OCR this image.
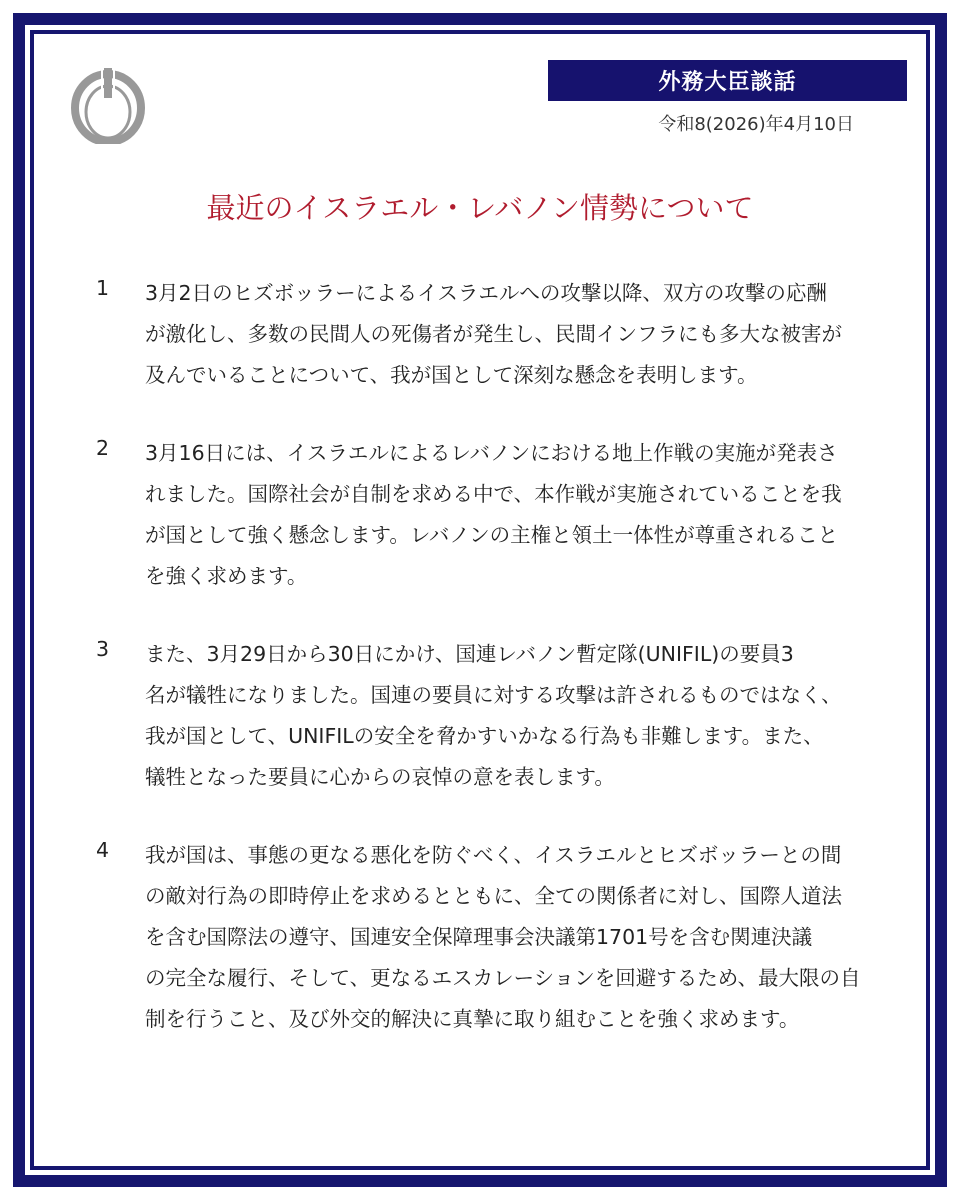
外務大臣談話
令和8(2026)年4月10日
最近のイスラエル・レバノン情勢について
1 3月2日のヒズボッラーによるイスラエルへの攻撃以降、双方の攻撃の応酬
が激化し、多数の民間人の死傷者が発生し、民間インフラにも多大な被害が
及んでいることについて、我が国として深刻な懸念を表明します。
2 3月16日には、イスラエルによるレバノンにおける地上作戦の実施が発表さ
れました。国際社会が自制を求める中で、本作戦が実施されていることを我
が国として強く懸念します。レバノンの主権と領土一体性が尊重されること
を強く求めます。
3 また、3月29日から30日にかけ、国連レバノン暫定隊(UNIFIL)の要員3
名が犠牲になりました。国連の要員に対する攻撃は許されるものではなく、
我が国として、UNIFILの安全を脅かすいかなる行為も非難します。また、
犠牲となった要員に心からの哀悼の意を表します。
4 我が国は、事態の更なる悪化を防ぐべく、イスラエルとヒズボッラーとの間
の敵対行為の即時停止を求めるとともに、全ての関係者に対し、国際人道法
を含む国際法の遵守、国連安全保障理事会決議第1701号を含む関連決議
の完全な履行、そして、更なるエスカレーションを回避するため、最大限の自
制を行うこと、及び外交的解決に真摯に取り組むことを強く求めます。
